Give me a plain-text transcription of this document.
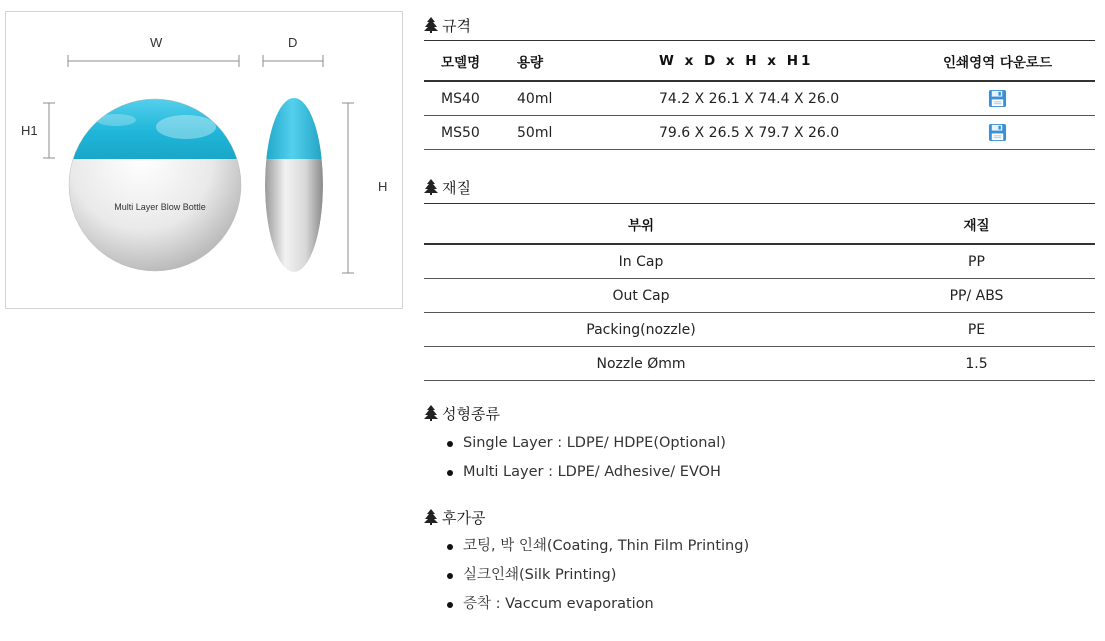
W	D
H1
H
Multi Layer Blow Bottle
규격
모델명	용량	W x D x H x H1	인쇄영역 다운로드
MS40	40ml	74.2 X 26.1 X 74.4 X 26.0	
MS50	50ml	79.6 X 26.5 X 79.7 X 26.0	
재질
부위	재질
In Cap	PP
Out Cap	PP/ ABS
Packing(nozzle)	PE
Nozzle Ømm	1.5
성형종류
Single Layer : LDPE/ HDPE(Optional)
Multi Layer : LDPE/ Adhesive/ EVOH
후가공
코팅, 박 인쇄(Coating, Thin Film Printing)
실크인쇄(Silk Printing)
증착 : Vaccum evaporation
